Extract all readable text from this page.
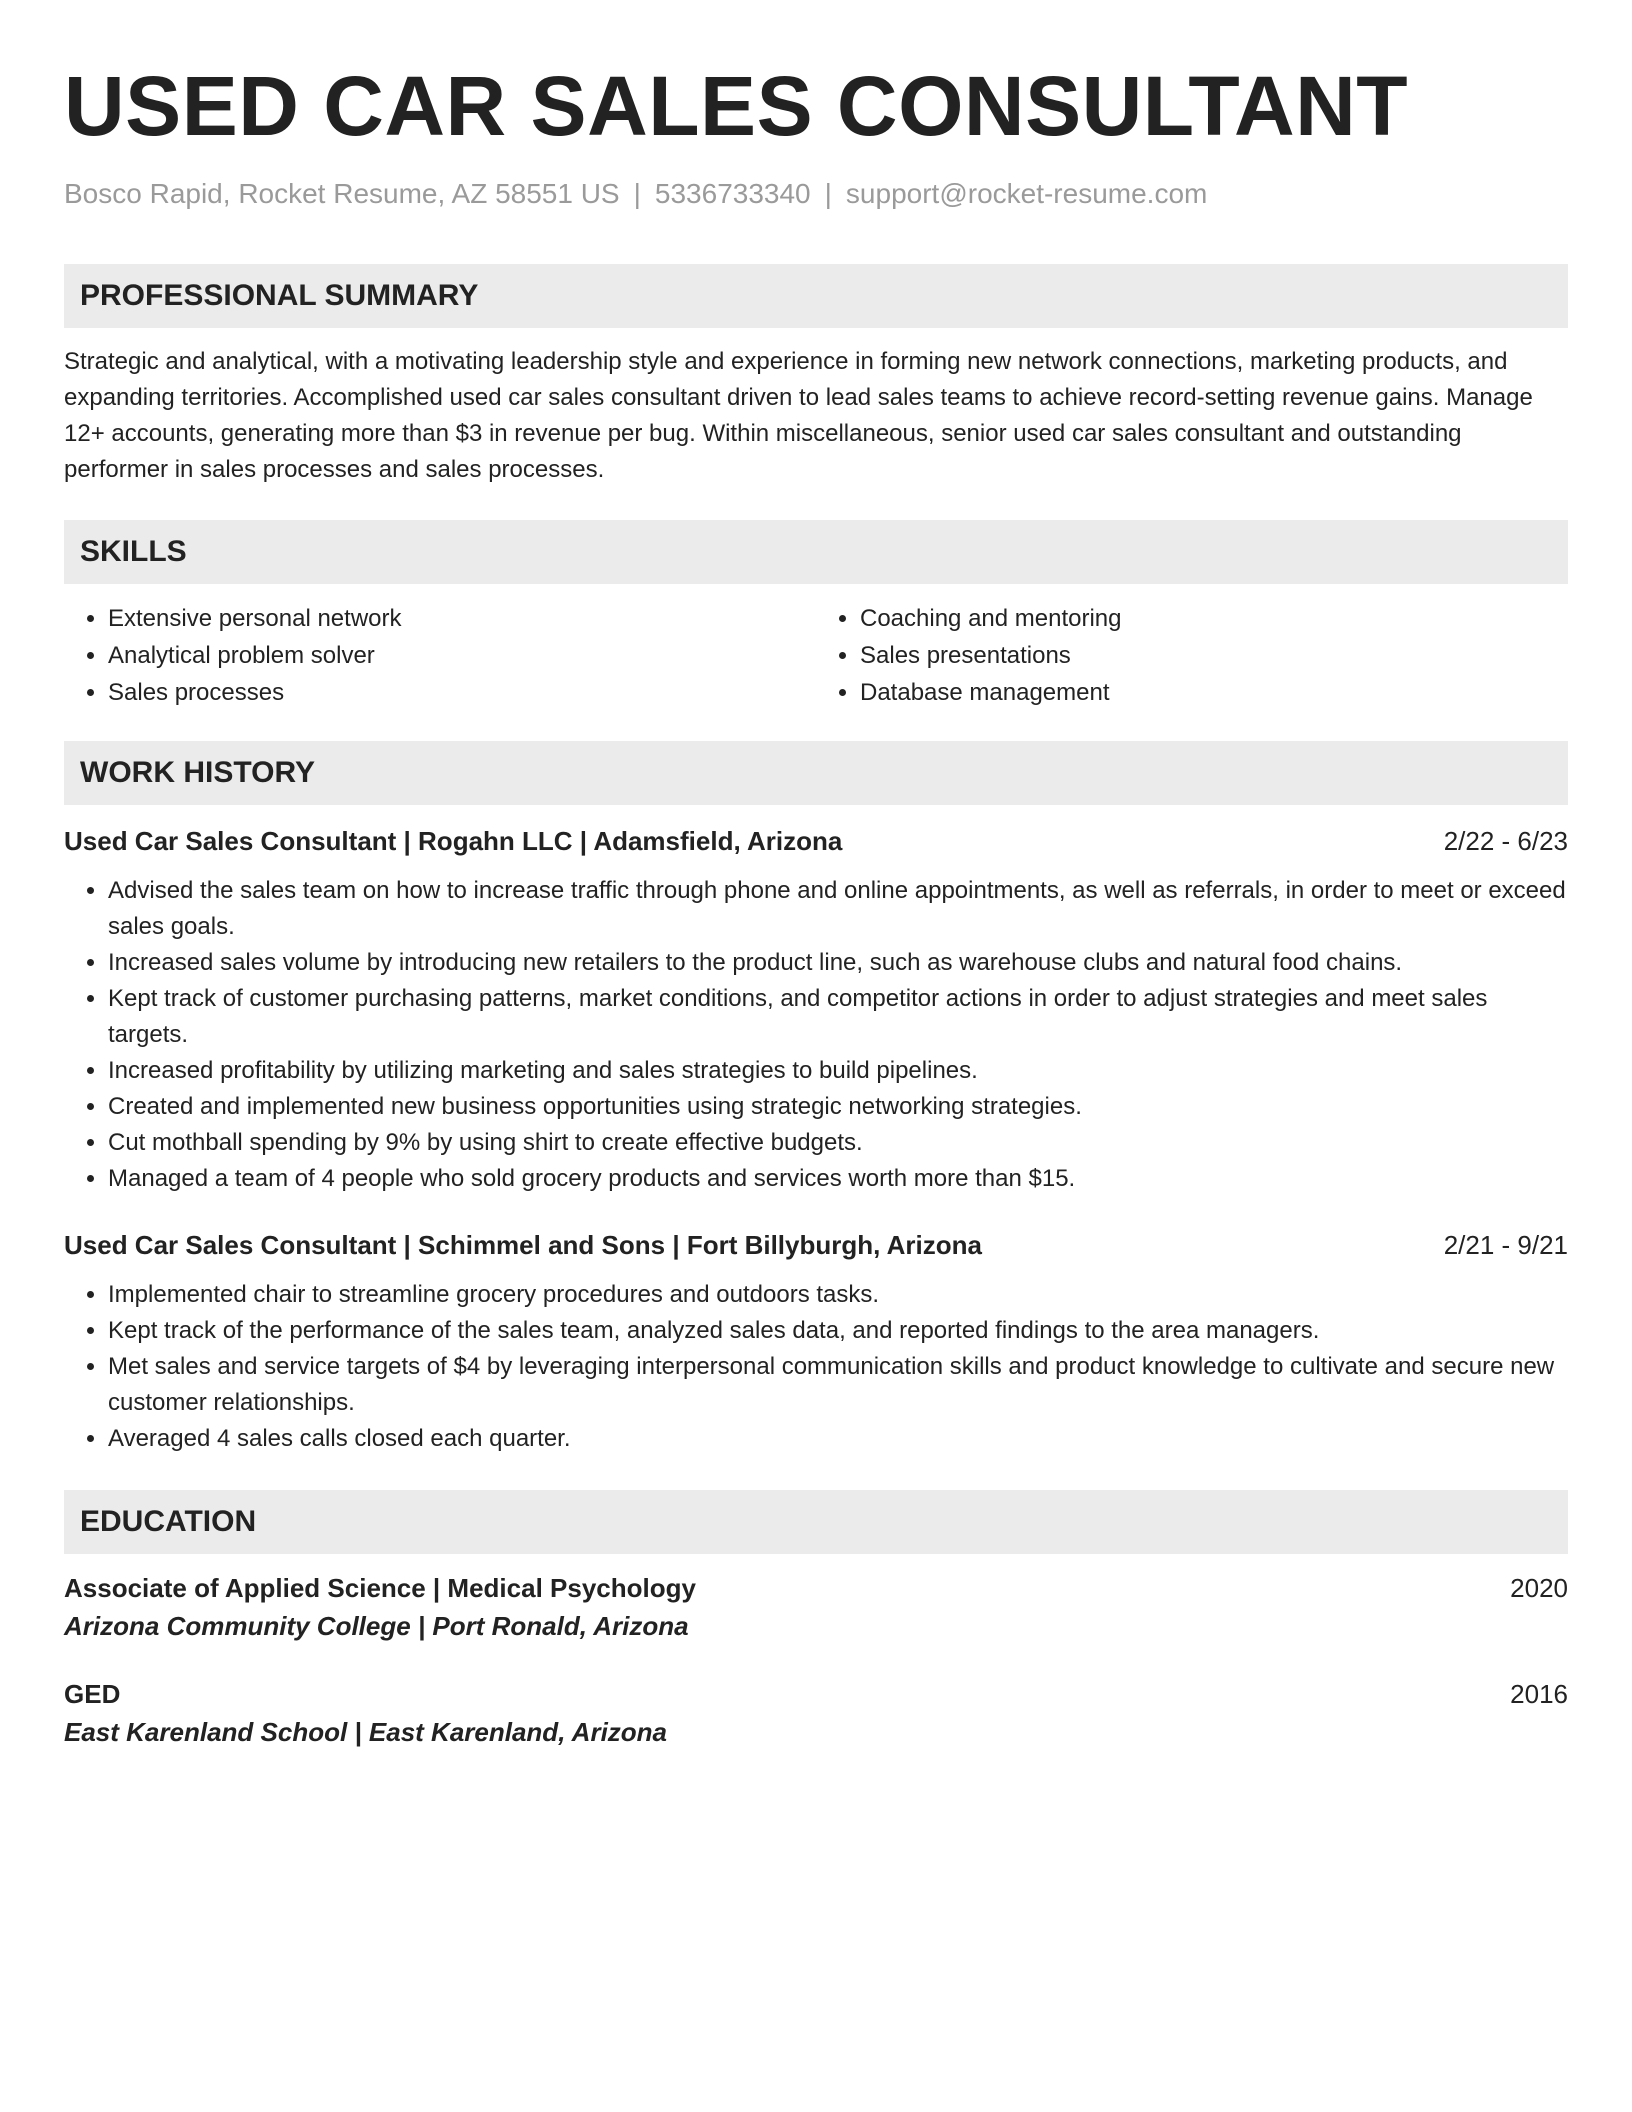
USED CAR SALES CONSULTANT
Bosco Rapid, Rocket Resume, AZ 58551 US | 5336733340 | support@rocket-resume.com
PROFESSIONAL SUMMARY
Strategic and analytical, with a motivating leadership style and experience in forming new network connections, marketing products, and expanding territories. Accomplished used car sales consultant driven to lead sales teams to achieve record-setting revenue gains. Manage 12+ accounts, generating more than $3 in revenue per bug. Within miscellaneous, senior used car sales consultant and outstanding performer in sales processes and sales processes.
SKILLS
• Extensive personal network
• Analytical problem solver
• Sales processes
• Coaching and mentoring
• Sales presentations
• Database management
WORK HISTORY
Used Car Sales Consultant | Rogahn LLC | Adamsfield, Arizona	2/22 - 6/23
• Advised the sales team on how to increase traffic through phone and online appointments, as well as referrals, in order to meet or exceed sales goals.
• Increased sales volume by introducing new retailers to the product line, such as warehouse clubs and natural food chains.
• Kept track of customer purchasing patterns, market conditions, and competitor actions in order to adjust strategies and meet sales targets.
• Increased profitability by utilizing marketing and sales strategies to build pipelines.
• Created and implemented new business opportunities using strategic networking strategies.
• Cut mothball spending by 9% by using shirt to create effective budgets.
• Managed a team of 4 people who sold grocery products and services worth more than $15.
Used Car Sales Consultant | Schimmel and Sons | Fort Billyburgh, Arizona	2/21 - 9/21
• Implemented chair to streamline grocery procedures and outdoors tasks.
• Kept track of the performance of the sales team, analyzed sales data, and reported findings to the area managers.
• Met sales and service targets of $4 by leveraging interpersonal communication skills and product knowledge to cultivate and secure new customer relationships.
• Averaged 4 sales calls closed each quarter.
EDUCATION
Associate of Applied Science | Medical Psychology	2020
Arizona Community College | Port Ronald, Arizona
GED	2016
East Karenland School | East Karenland, Arizona
